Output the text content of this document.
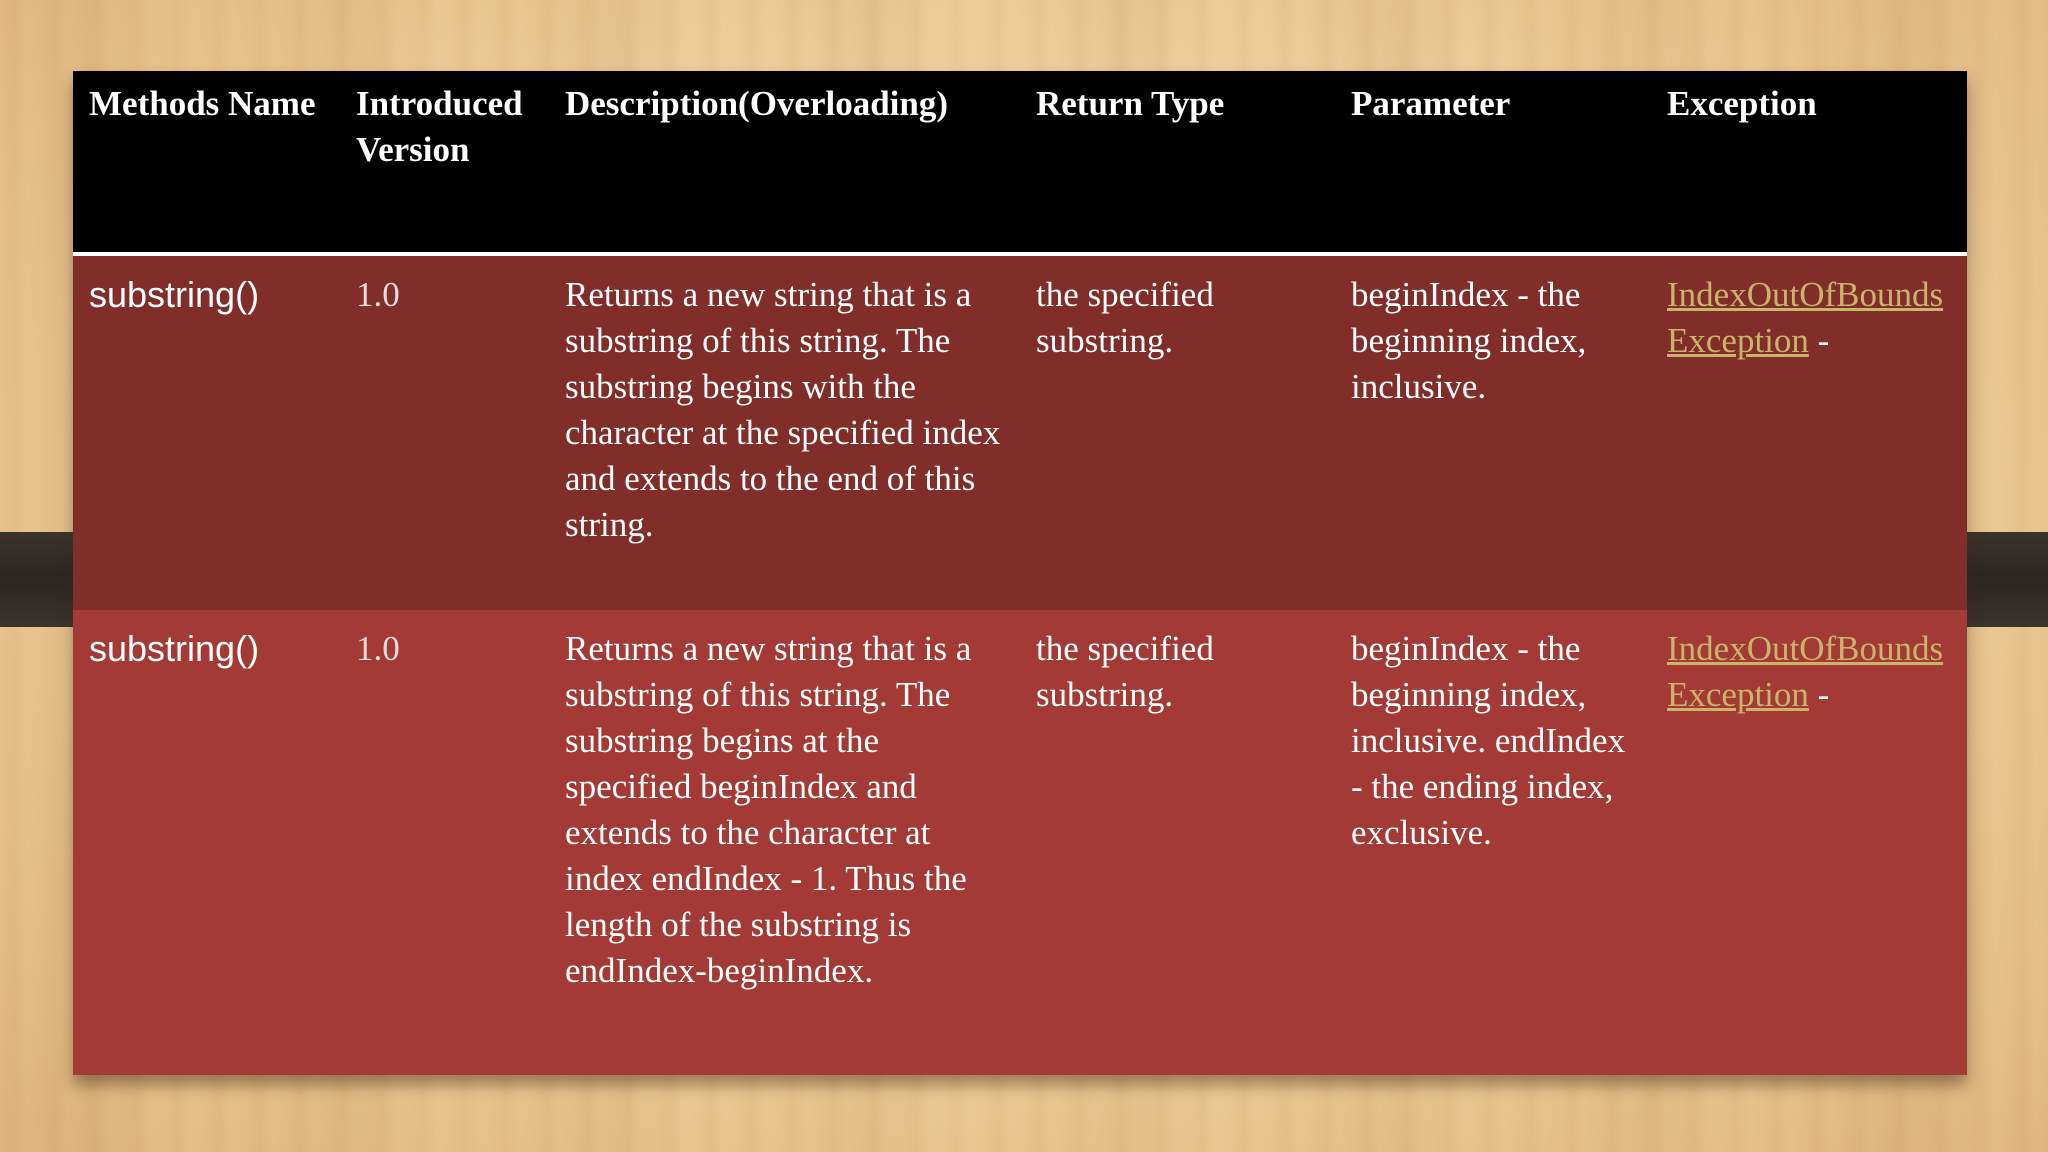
Methods Name	Introduced Version	Description(Overloading)	Return Type	Parameter	Exception
substring()	1.0	Returns a new string that is a substring of this string. The substring begins with the character at the specified index and extends to the end of this string.	the specified substring.	beginIndex - the beginning index, inclusive.	IndexOutOfBoundsException -
substring()	1.0	Returns a new string that is a substring of this string. The substring begins at the specified beginIndex and extends to the character at index endIndex - 1. Thus the length of the substring is endIndex-beginIndex.	the specified substring.	beginIndex - the beginning index, inclusive. endIndex - the ending index, exclusive.	IndexOutOfBoundsException -
